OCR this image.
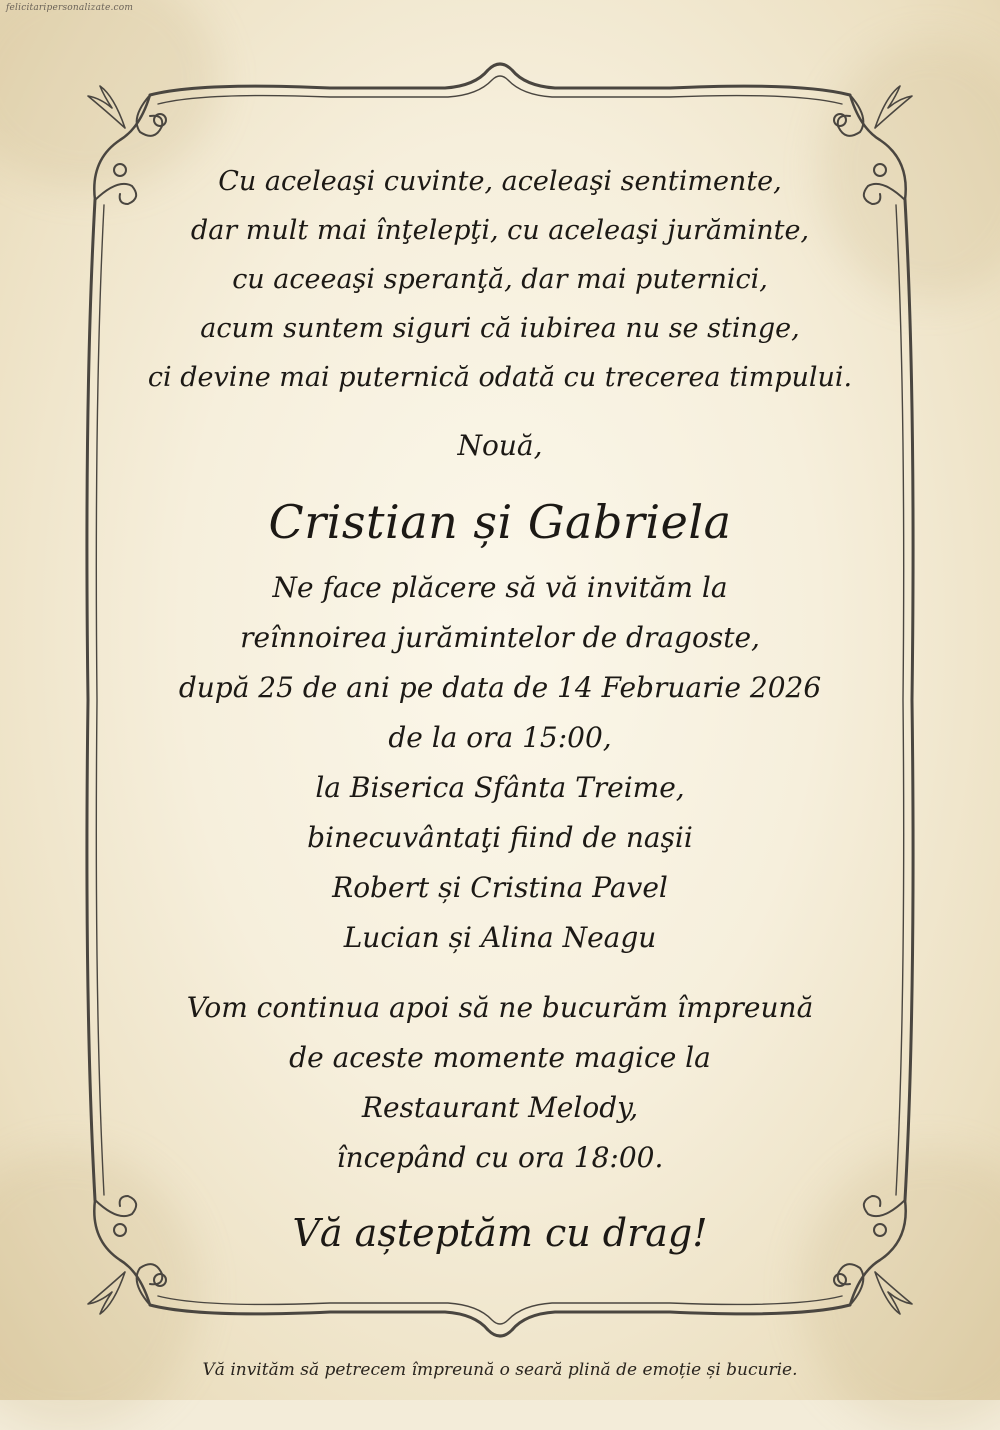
felicitaripersonalizate.com
Cu aceleaşi cuvinte, aceleaşi sentimente,
dar mult mai înţelepţi, cu aceleaşi jurăminte,
cu aceeaşi speranţă, dar mai puternici,
acum suntem siguri că iubirea nu se stinge,
ci devine mai puternică odată cu trecerea timpului.
Nouă,
Cristian și Gabriela
Ne face plăcere să vă invităm la
reînnoirea jurămintelor de dragoste,
după 25 de ani pe data de 14 Februarie 2026
de la ora 15:00,
la Biserica Sfânta Treime,
binecuvântaţi fiind de naşii
Robert și Cristina Pavel
Lucian și Alina Neagu
Vom continua apoi să ne bucurăm împreună
de aceste momente magice la
Restaurant Melody,
începând cu ora 18:00.
Vă așteptăm cu drag!
Vă invităm să petrecem împreună o seară plină de emoție și bucurie.
